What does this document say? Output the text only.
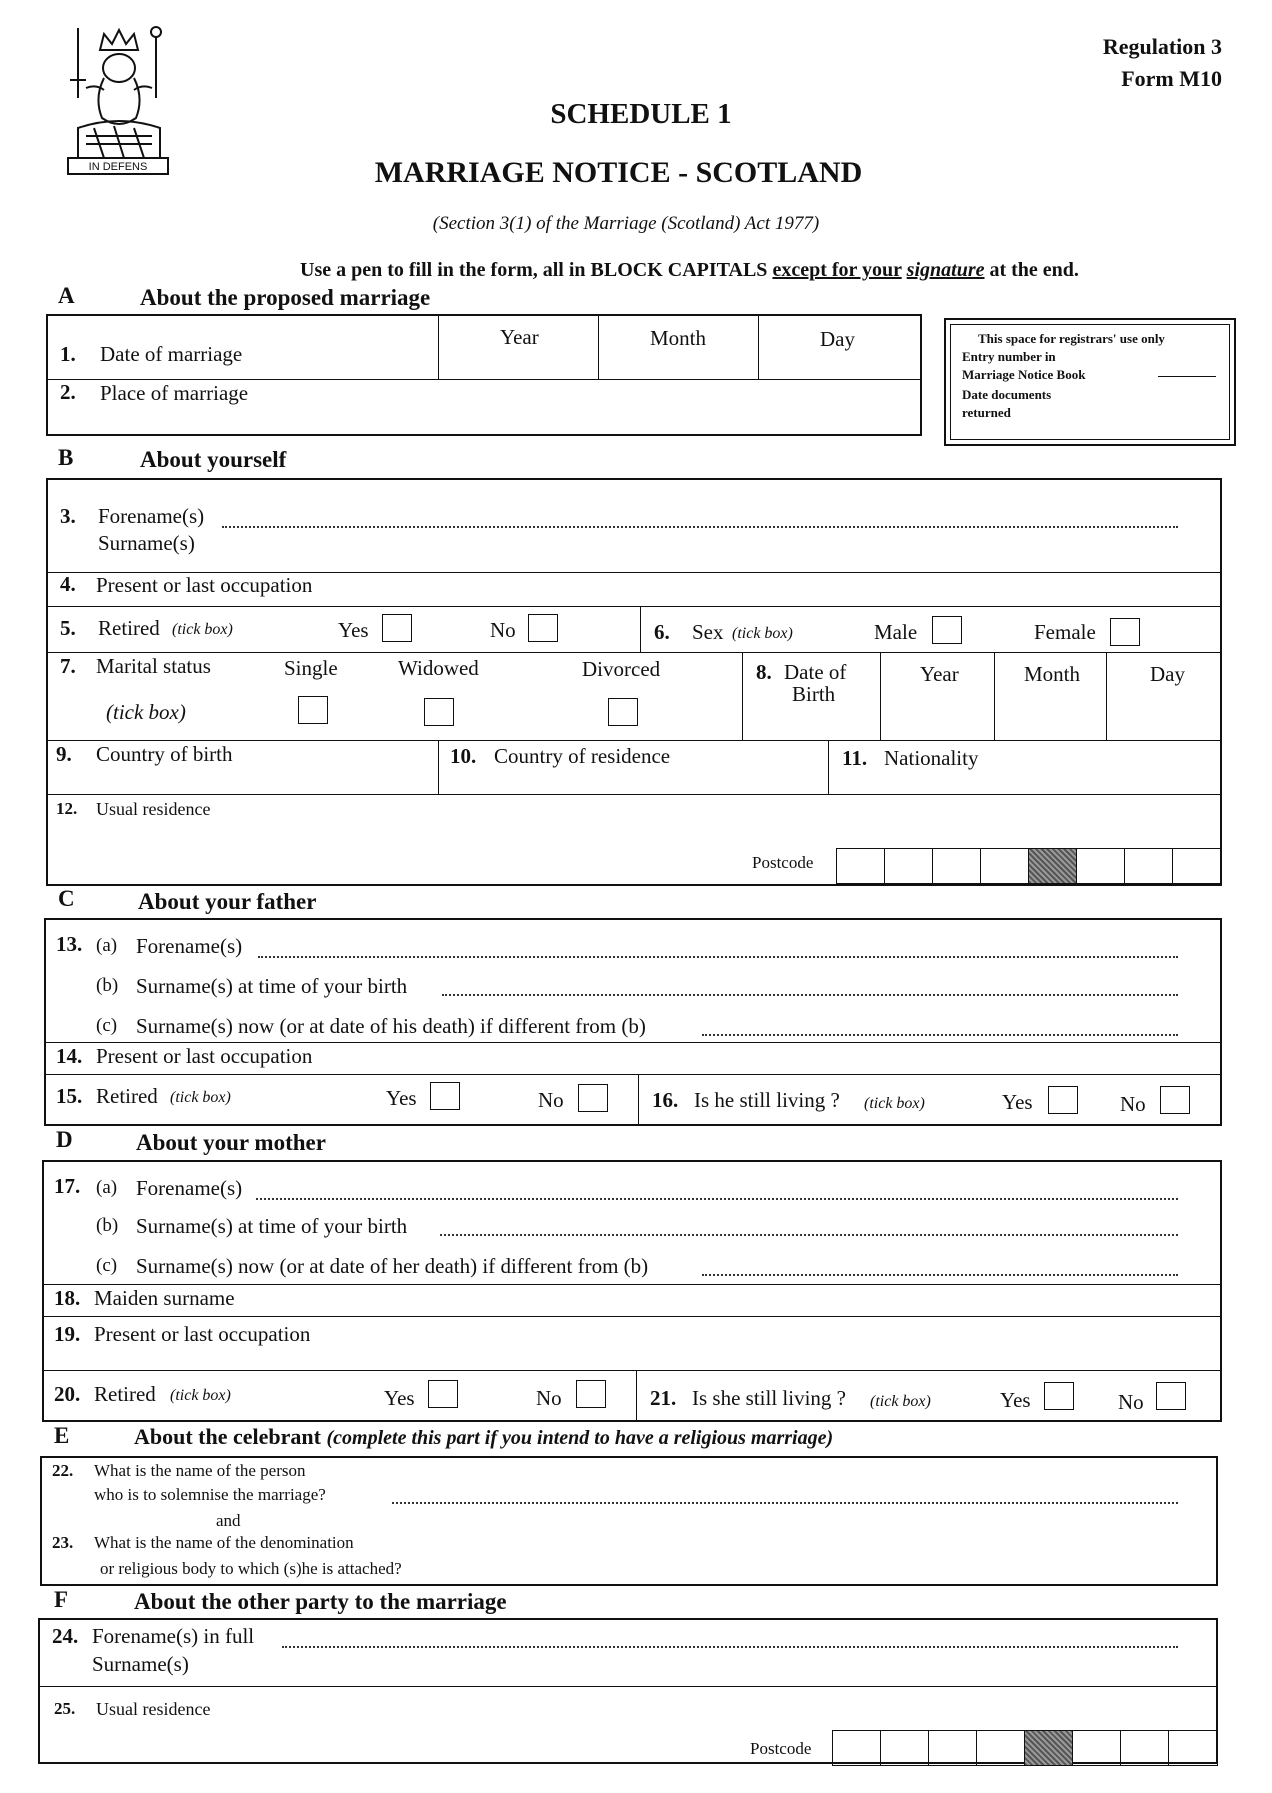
IN DEFENS
Regulation 3
Form M10
SCHEDULE 1
MARRIAGE NOTICE - SCOTLAND
(Section 3(1) of the Marriage (Scotland) Act 1977)
Use a pen to fill in the form, all in BLOCK CAPITALS except for your signature at the end.
A	About the proposed marriage
1. Date of marriage
Year	Month	Day
2. Place of marriage
This space for registrars' use only
Entry number in
Marriage Notice Book
Date documents
returned
B	About yourself
3. Forename(s)
Surname(s)
4. Present or last occupation
5. Retired (tick box)	Yes	No	6. Sex (tick box)	Male	Female
7. Marital status
(tick box)
Single	Widowed	Divorced	8. Date of
Birth
Year	Month	Day
9. Country of birth	10. Country of residence	11. Nationality
12. Usual residence
Postcode
C	About your father
13. (a) Forename(s)
(b) Surname(s) at time of your birth
(c) Surname(s) now (or at date of his death) if different from (b)
14. Present or last occupation
15. Retired (tick box)	Yes	No	16. Is he still living ? (tick box)	Yes	No
D	About your mother
17. (a) Forename(s)
(b) Surname(s) at time of your birth
(c) Surname(s) now (or at date of her death) if different from (b)
18. Maiden surname
19. Present or last occupation
20. Retired (tick box)	Yes	No	21. Is she still living ? (tick box)	Yes	No
E	About the celebrant (complete this part if you intend to have a religious marriage)
22. What is the name of the person
who is to solemnise the marriage?
and
23. What is the name of the denomination
or religious body to which (s)he is attached?
F	About the other party to the marriage
24. Forename(s) in full
Surname(s)
25. Usual residence
Postcode
